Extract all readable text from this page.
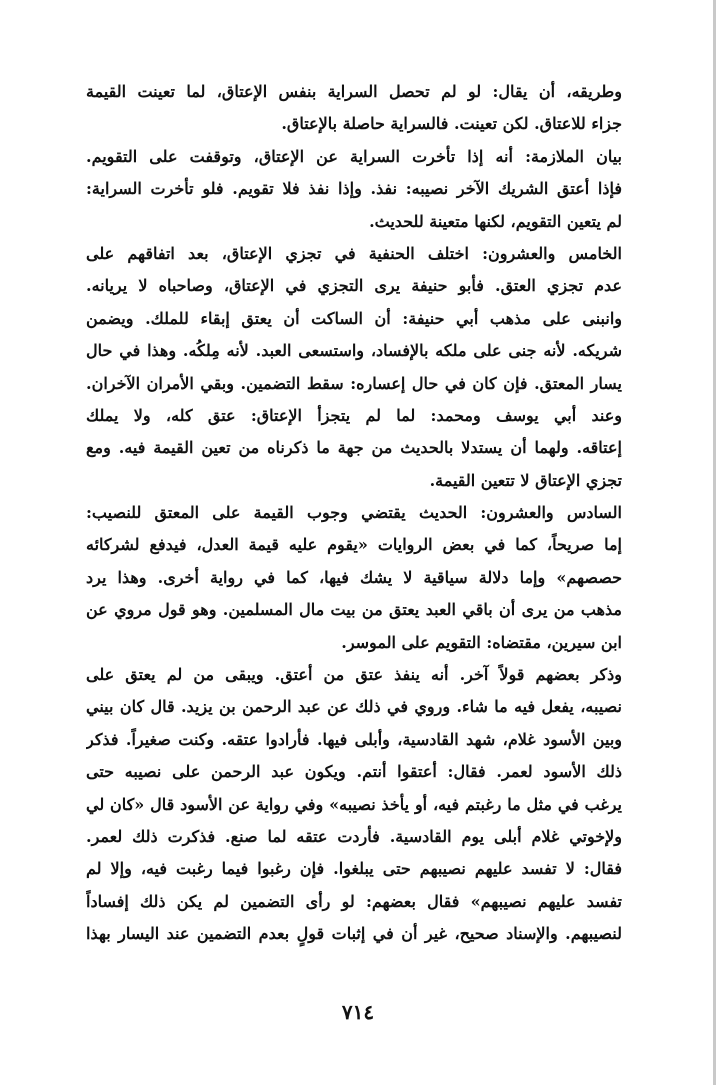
وطريقه، أن يقال: لو لم تحصل السراية بنفس الإعتاق، لما تعينت القيمة
جزاء للاعتاق. لكن تعينت. فالسراية حاصلة بالإعتاق.
بيان الملازمة: أنه إذا تأخرت السراية عن الإعتاق، وتوقفت على التقويم.
فإذا أعتق الشريك الآخر نصيبه: نفذ. وإذا نفذ فلا تقويم. فلو تأخرت السراية:
لم يتعين التقويم، لكنها متعينة للحديث.
الخامس والعشرون: اختلف الحنفية في تجزي الإعتاق، بعد اتفاقهم على
عدم تجزي العتق. فأبو حنيفة يرى التجزي في الإعتاق، وصاحباه لا يريانه.
وانبنى على مذهب أبي حنيفة: أن الساكت أن يعتق إبقاء للملك. ويضمن
شريكه. لأنه جنى على ملكه بالإفساد، واستسعى العبد. لأنه مِلكُه. وهذا في حال
يسار المعتق. فإن كان في حال إعساره: سقط التضمين. وبقي الأمران الآخران.
وعند أبي يوسف ومحمد: لما لم يتجزأ الإعتاق: عتق كله، ولا يملك
إعتاقه. ولهما أن يستدلا بالحديث من جهة ما ذكرناه من تعين القيمة فيه. ومع
تجزي الإعتاق لا تتعين القيمة.
السادس والعشرون: الحديث يقتضي وجوب القيمة على المعتق للنصيب:
إما صريحاً، كما في بعض الروايات «يقوم عليه قيمة العدل، فيدفع لشركائه
حصصهم» وإما دلالة سياقية لا يشك فيها، كما في رواية أخرى. وهذا يرد
مذهب من يرى أن باقي العبد يعتق من بيت مال المسلمين. وهو قول مروي عن
ابن سيرين، مقتضاه: التقويم على الموسر.
وذكر بعضهم قولاً آخر. أنه ينفذ عتق من أعتق. ويبقى من لم يعتق على
نصيبه، يفعل فيه ما شاء. وروي في ذلك عن عبد الرحمن بن يزيد. قال كان بيني
وبين الأسود غلام، شهد القادسية، وأبلى فيها. فأرادوا عتقه. وكنت صغيراً. فذكر
ذلك الأسود لعمر. فقال: أعتقوا أنتم. ويكون عبد الرحمن على نصيبه حتى
يرغب في مثل ما رغبتم فيه، أو يأخذ نصيبه» وفي رواية عن الأسود قال «كان لي
ولإخوتي غلام أبلى يوم القادسية. فأردت عتقه لما صنع. فذكرت ذلك لعمر.
فقال: لا تفسد عليهم نصيبهم حتى يبلغوا. فإن رغبوا فيما رغبت فيه، وإلا لم
تفسد عليهم نصيبهم» فقال بعضهم: لو رأى التضمين لم يكن ذلك إفساداً
لنصيبهم. والإسناد صحيح، غير أن في إثبات قولٍ بعدم التضمين عند اليسار بهذا
٧١٤
